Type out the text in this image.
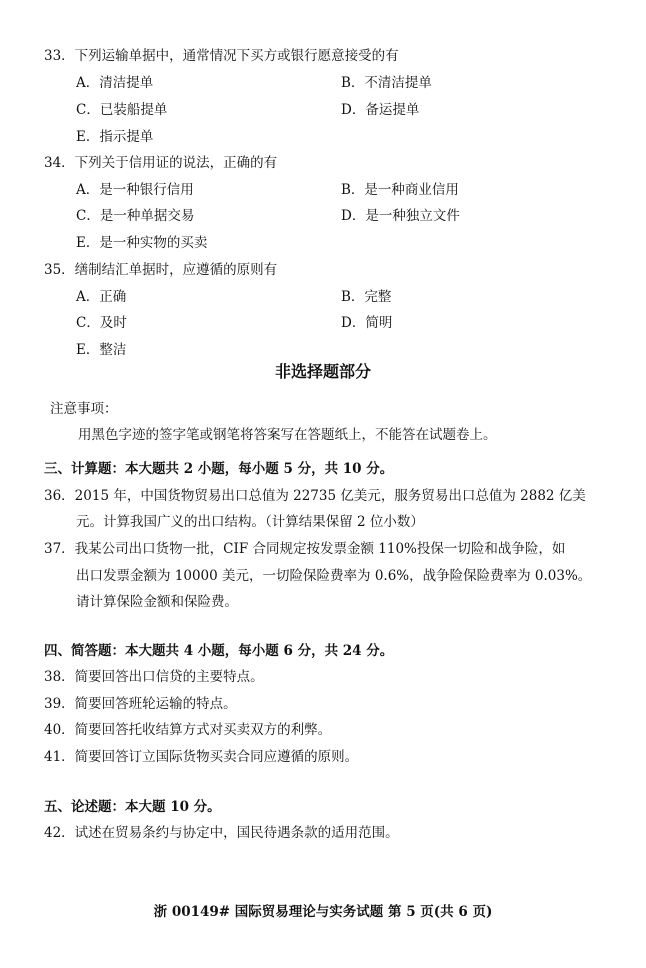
33．下列运输单据中，通常情况下买方或银行愿意接受的有
A．清洁提单	B．不清洁提单
C．已装船提单	D．备运提单
E．指示提单
34．下列关于信用证的说法，正确的有
A．是一种银行信用	B．是一种商业信用
C．是一种单据交易	D．是一种独立文件
E．是一种实物的买卖
35．缮制结汇单据时，应遵循的原则有
A．正确	B．完整
C．及时	D．简明
E．整洁
非选择题部分
注意事项：
用黑色字迹的签字笔或钢笔将答案写在答题纸上，不能答在试题卷上。
三、计算题：本大题共 2 小题，每小题 5 分，共 10 分。
36．2015 年，中国货物贸易出口总值为 22735 亿美元，服务贸易出口总值为 2882 亿美
元。计算我国广义的出口结构。（计算结果保留 2 位小数）
37．我某公司出口货物一批，CIF 合同规定按发票金额 110%投保一切险和战争险，如
出口发票金额为 10000 美元，一切险保险费率为 0.6%，战争险保险费率为 0.03%。
请计算保险金额和保险费。
四、简答题：本大题共 4 小题，每小题 6 分，共 24 分。
38．简要回答出口信贷的主要特点。
39．简要回答班轮运输的特点。
40．简要回答托收结算方式对买卖双方的利弊。
41．简要回答订立国际货物买卖合同应遵循的原则。
五、论述题：本大题 10 分。
42．试述在贸易条约与协定中，国民待遇条款的适用范围。
浙 00149# 国际贸易理论与实务试题 第 5 页(共 6 页)
